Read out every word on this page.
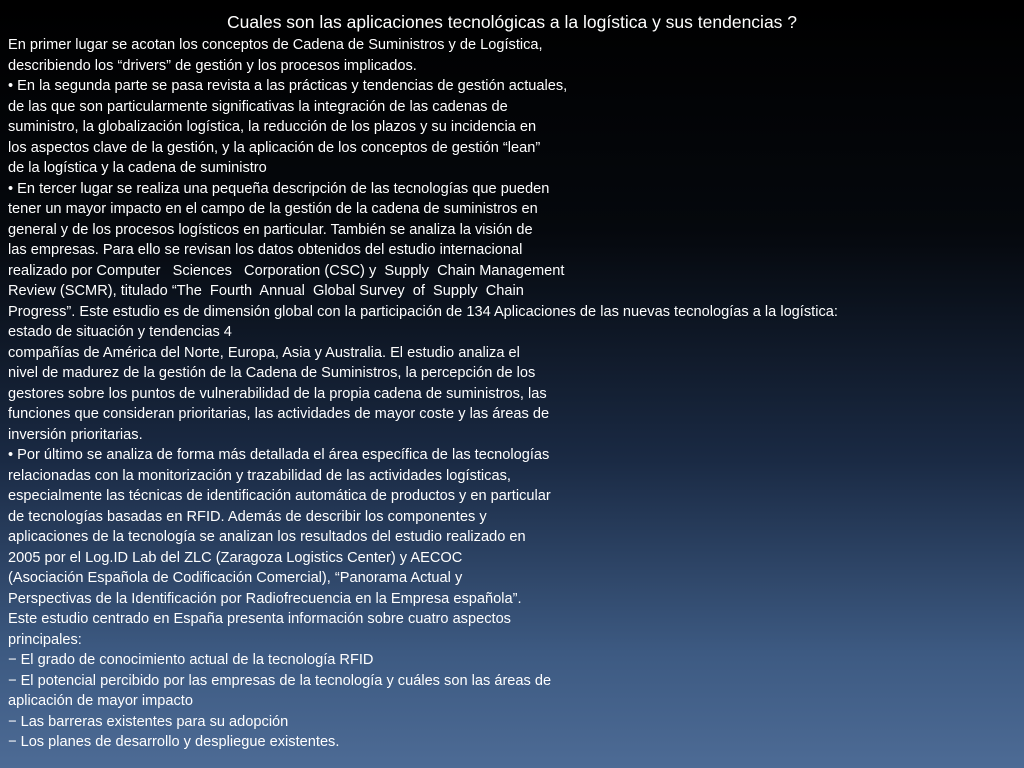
Cuales son las aplicaciones tecnológicas a la logística y sus tendencias ?
En primer lugar se acotan los conceptos de Cadena de Suministros y de Logística,
describiendo los “drivers” de gestión y los procesos implicados.
• En la segunda parte se pasa revista a las prácticas y tendencias de gestión actuales,
de las que son particularmente significativas la integración de las cadenas de
suministro, la globalización logística, la reducción de los plazos y su incidencia en
los aspectos clave de la gestión, y la aplicación de los conceptos de gestión “lean”
de la logística y la cadena de suministro
• En tercer lugar se realiza una pequeña descripción de las tecnologías que pueden
tener un mayor impacto en el campo de la gestión de la cadena de suministros en
general y de los procesos logísticos en particular. También se analiza la visión de
las empresas. Para ello se revisan los datos obtenidos del estudio internacional
realizado por Computer   Sciences   Corporation (CSC) y  Supply  Chain Management
Review (SCMR), titulado “The  Fourth  Annual  Global Survey  of  Supply  Chain
Progress”. Este estudio es de dimensión global con la participación de 134 Aplicaciones de las nuevas tecnologías a la logística:
estado de situación y tendencias 4
compañías de América del Norte, Europa, Asia y Australia. El estudio analiza el
nivel de madurez de la gestión de la Cadena de Suministros, la percepción de los
gestores sobre los puntos de vulnerabilidad de la propia cadena de suministros, las
funciones que consideran prioritarias, las actividades de mayor coste y las áreas de
inversión prioritarias.
• Por último se analiza de forma más detallada el área específica de las tecnologías
relacionadas con la monitorización y trazabilidad de las actividades logísticas,
especialmente las técnicas de identificación automática de productos y en particular
de tecnologías basadas en RFID. Además de describir los componentes y
aplicaciones de la tecnología se analizan los resultados del estudio realizado en
2005 por el Log.ID Lab del ZLC (Zaragoza Logistics Center) y AECOC
(Asociación Española de Codificación Comercial), “Panorama Actual y
Perspectivas de la Identificación por Radiofrecuencia en la Empresa española”.
Este estudio centrado en España presenta información sobre cuatro aspectos
principales:
− El grado de conocimiento actual de la tecnología RFID
− El potencial percibido por las empresas de la tecnología y cuáles son las áreas de
aplicación de mayor impacto
− Las barreras existentes para su adopción
− Los planes de desarrollo y despliegue existentes.
